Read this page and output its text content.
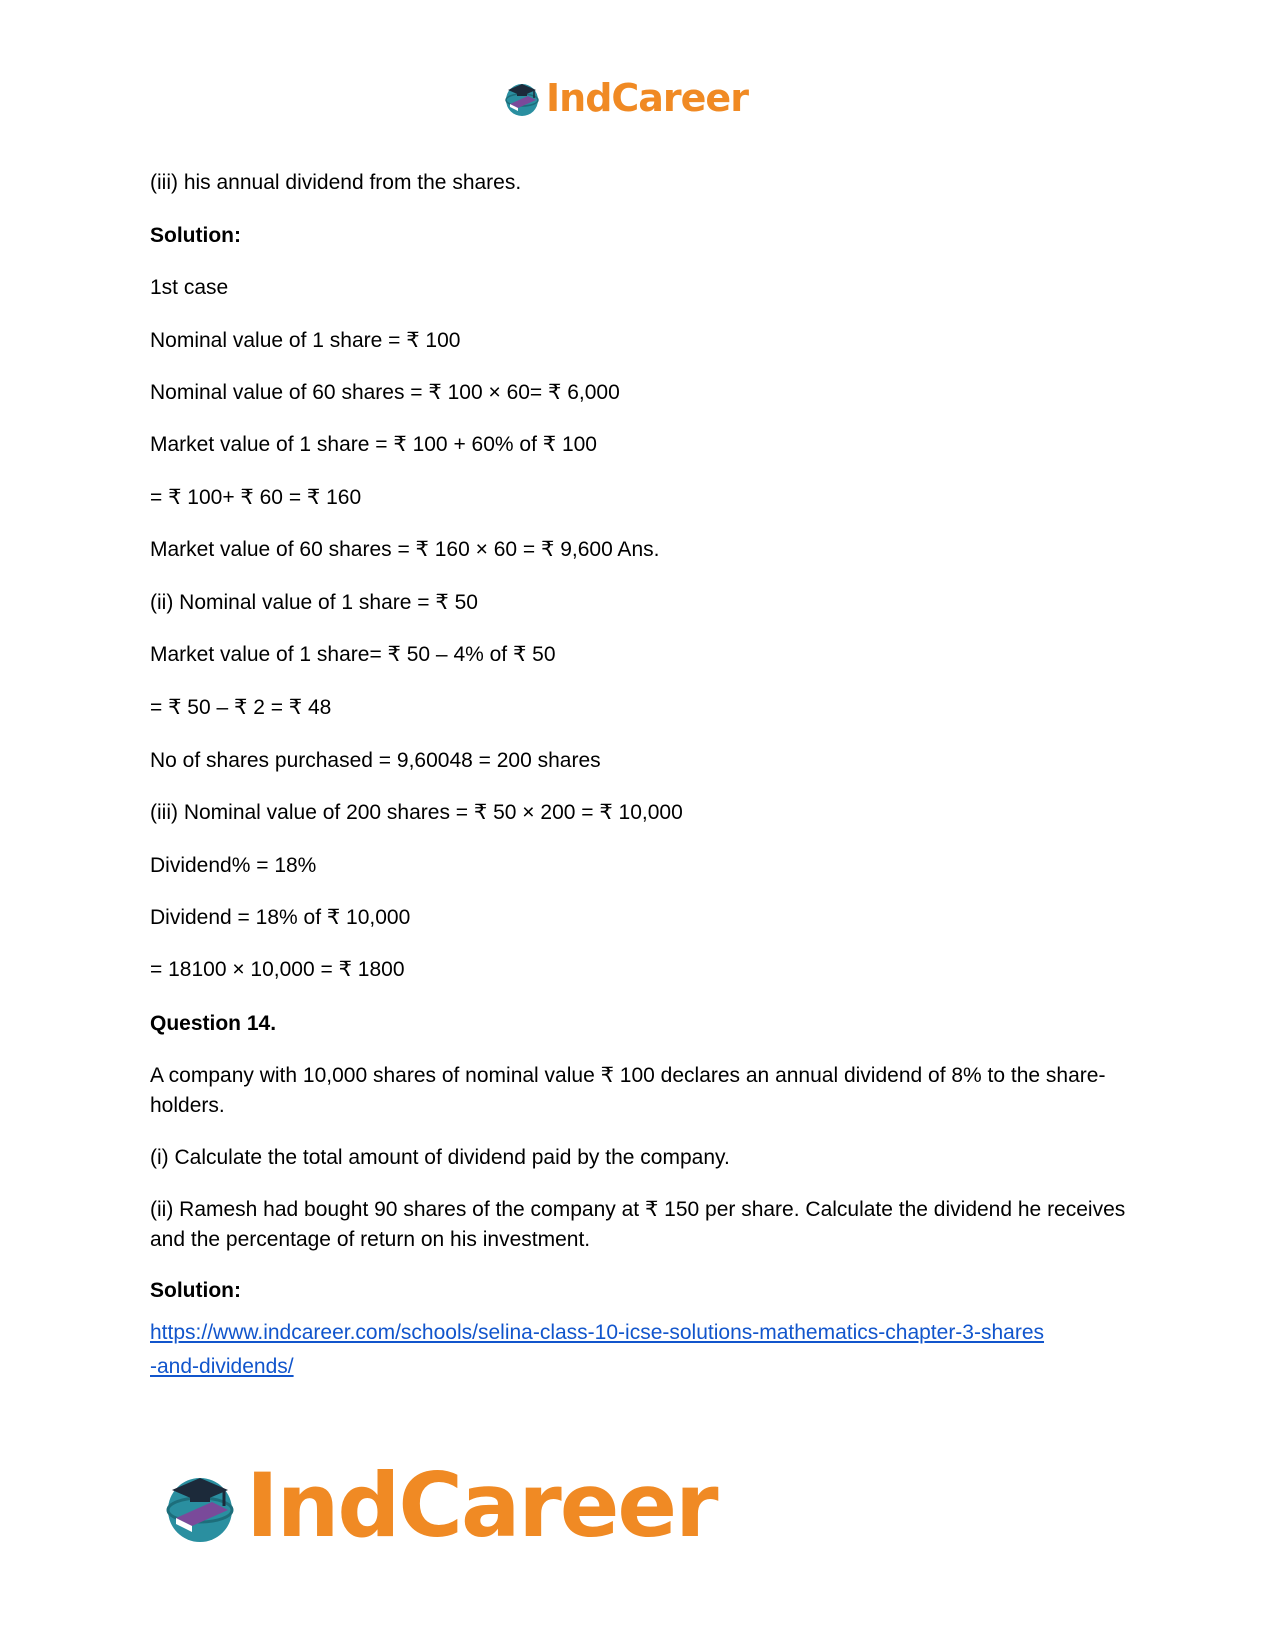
IndCareer
(iii) his annual dividend from the shares.
Solution:
1st case
Nominal value of 1 share = ₹ 100
Nominal value of 60 shares = ₹ 100 × 60= ₹ 6,000
Market value of 1 share = ₹ 100 + 60% of ₹ 100
= ₹ 100+ ₹ 60 = ₹ 160
Market value of 60 shares = ₹ 160 × 60 = ₹ 9,600 Ans.
(ii) Nominal value of 1 share = ₹ 50
Market value of 1 share= ₹ 50 – 4% of ₹ 50
= ₹ 50 – ₹ 2 = ₹ 48
No of shares purchased = 9,60048 = 200 shares
(iii) Nominal value of 200 shares = ₹ 50 × 200 = ₹ 10,000
Dividend% = 18%
Dividend = 18% of ₹ 10,000
= 18100 × 10,000 = ₹ 1800
Question 14.
A company with 10,000 shares of nominal value ₹ 100 declares an annual dividend of 8% to the share-holders.
(i) Calculate the total amount of dividend paid by the company.
(ii) Ramesh had bought 90 shares of the company at ₹ 150 per share. Calculate the dividend he receives and the percentage of return on his investment.
Solution:
https://www.indcareer.com/schools/selina-class-10-icse-solutions-mathematics-chapter-3-shares
-and-dividends/
IndCareer
